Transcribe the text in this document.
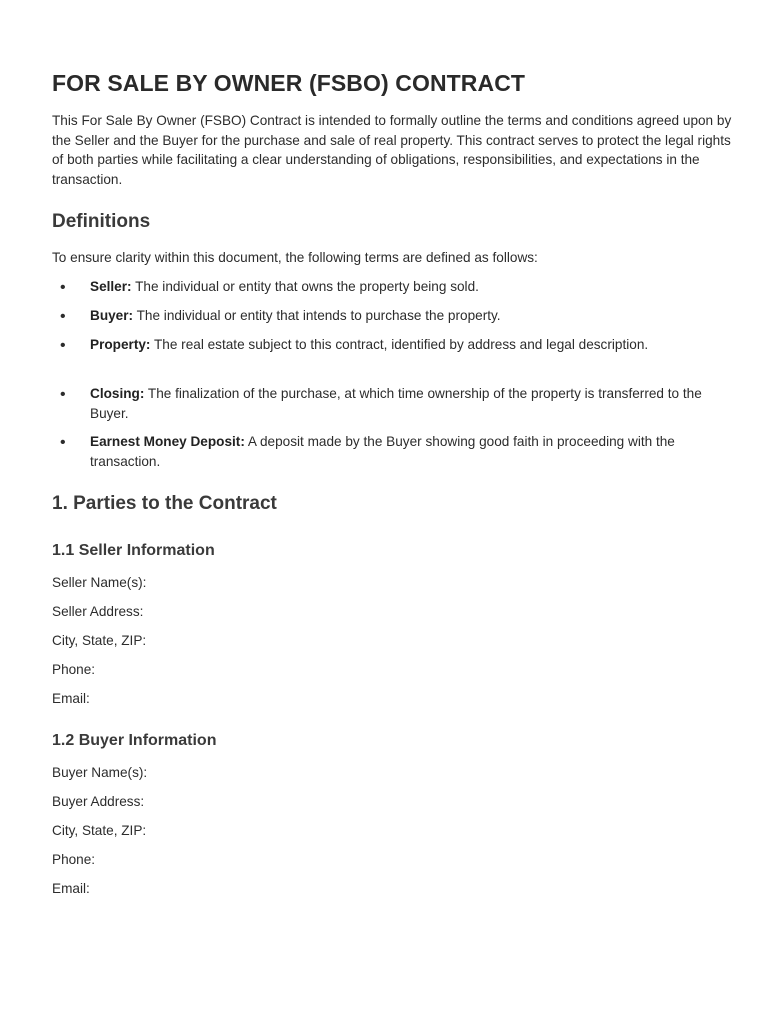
FOR SALE BY OWNER (FSBO) CONTRACT

This For Sale By Owner (FSBO) Contract is intended to formally outline the terms and conditions agreed upon by the Seller and the Buyer for the purchase and sale of real property. This contract serves to protect the legal rights of both parties while facilitating a clear understanding of obligations, responsibilities, and expectations in the transaction.

Definitions

To ensure clarity within this document, the following terms are defined as follows:

• Seller: The individual or entity that owns the property being sold.
• Buyer: The individual or entity that intends to purchase the property.
• Property: The real estate subject to this contract, identified by address and legal description.
• Closing: The finalization of the purchase, at which time ownership of the property is transferred to the Buyer.
• Earnest Money Deposit: A deposit made by the Buyer showing good faith in proceeding with the transaction.
1. Parties to the Contract
1.1 Seller Information

Seller Name(s):

Seller Address:

City, State, ZIP:

Phone:

Email:

1.2 Buyer Information

Buyer Name(s):

Buyer Address:

City, State, ZIP:

Phone:

Email:
